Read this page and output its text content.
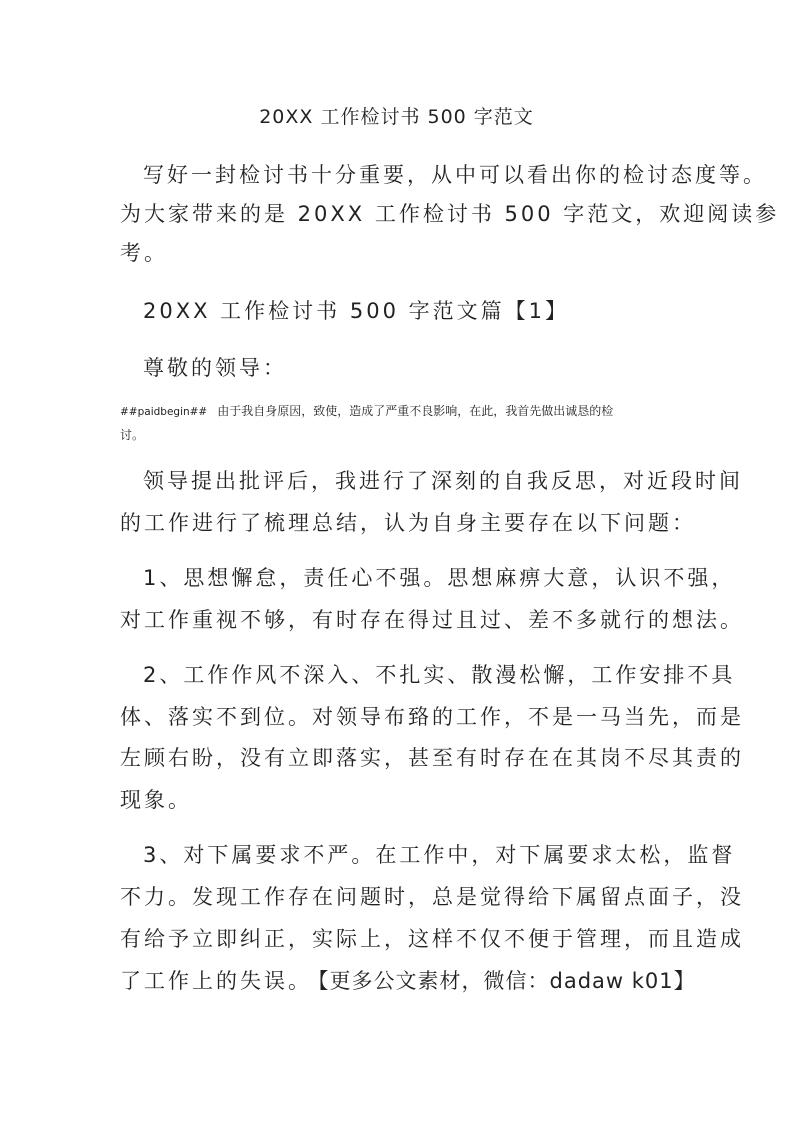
20XX 工作检讨书 500 字范文
写好一封检讨书十分重要，从中可以看出你的检讨态度等。
为大家带来的是 20XX 工作检讨书 500 字范文，欢迎阅读参
考。
20XX 工作检讨书 500 字范文篇【1】
尊敬的领导：
##paidbegin## 由于我自身原因，致使，造成了严重不良影响，在此，我首先做出诚恳的检
讨。
领导提出批评后，我进行了深刻的自我反思，对近段时间
的工作进行了梳理总结，认为自身主要存在以下问题：
1、思想懈怠，责任心不强。思想麻痹大意，认识不强，
对工作重视不够，有时存在得过且过、差不多就行的想法。
2、工作作风不深入、不扎实、散漫松懈，工作安排不具
体、落实不到位。对领导布臵的工作，不是一马当先，而是
左顾右盼，没有立即落实，甚至有时存在在其岗不尽其责的
现象。
3、对下属要求不严。在工作中，对下属要求太松，监督
不力。发现工作存在问题时，总是觉得给下属留点面子，没
有给予立即纠正，实际上，这样不仅不便于管理，而且造成
了工作上的失误。 【更多公文素材，微信：dadaw k01】
